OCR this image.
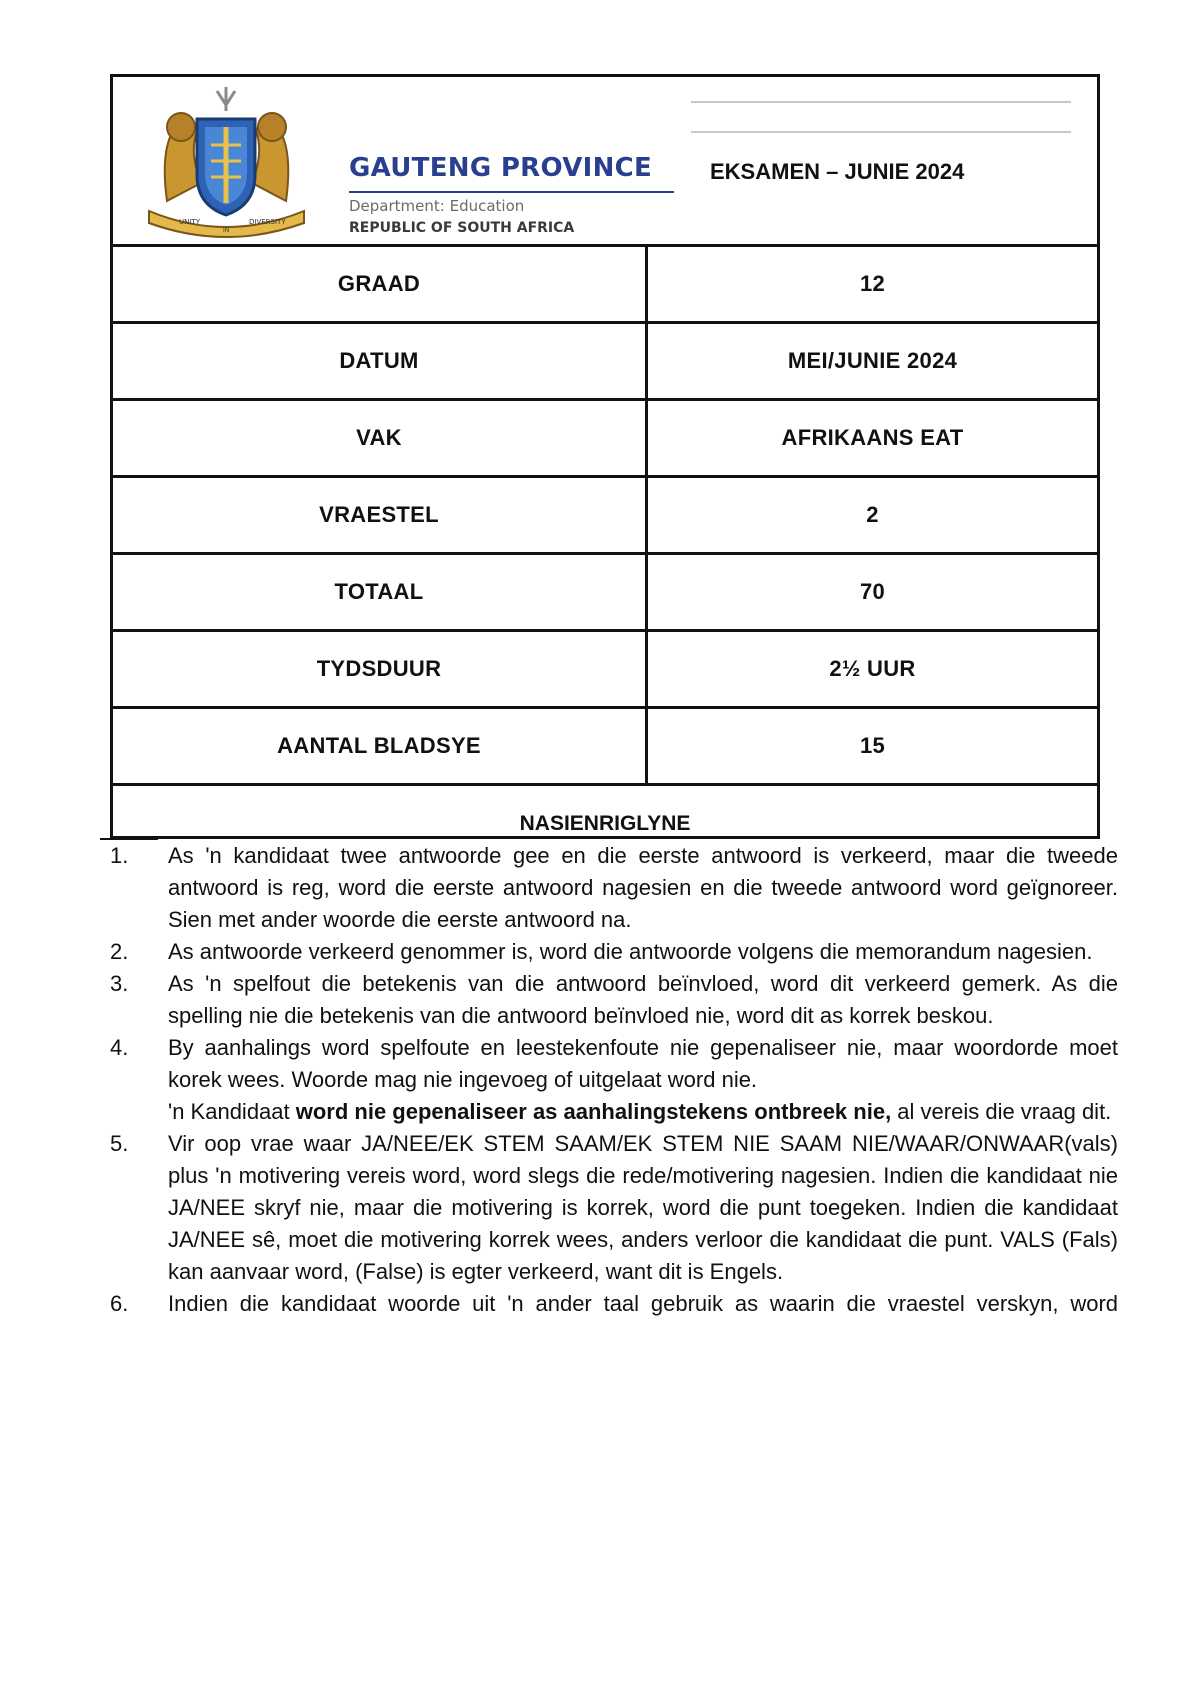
UNITY
IN
DIVERSITY
GAUTENG PROVINCE
Department: Education
REPUBLIC OF SOUTH AFRICA
EKSAMEN – JUNIE 2024
GRAAD	12
DATUM	MEI/JUNIE 2024
VAK	AFRIKAANS EAT
VRAESTEL	2
TOTAAL	70
TYDSDUUR	2½ UUR
AANTAL BLADSYE	15
NASIENRIGLYNE
1. As 'n kandidaat twee antwoorde gee en die eerste antwoord is verkeerd, maar die tweede antwoord is reg, word die eerste antwoord nagesien en die tweede antwoord word geïgnoreer. Sien met ander woorde die eerste antwoord na.

2. As antwoorde verkeerd genommer is, word die antwoorde volgens die memorandum nagesien.

3. As 'n spelfout die betekenis van die antwoord beïnvloed, word dit verkeerd gemerk. As die spelling nie die betekenis van die antwoord beïnvloed nie, word dit as korrek beskou.

4. By aanhalings word spelfoute en leestekenfoute nie gepenaliseer nie, maar woordorde moet korek wees. Woorde mag nie ingevoeg of uitgelaat word nie.

'n Kandidaat word nie gepenaliseer as aanhalingstekens ontbreek nie, al vereis die vraag dit.

5. Vir oop vrae waar JA/NEE/EK STEM SAAM/EK STEM NIE SAAM NIE/WAAR/ONWAAR(vals) plus 'n motivering vereis word, word slegs die rede/motivering nagesien. Indien die kandidaat nie JA/NEE skryf nie, maar die motivering is korrek, word die punt toegeken. Indien die kandidaat JA/NEE sê, moet die motivering korrek wees, anders verloor die kandidaat die punt. VALS (Fals) kan aanvaar word, (False) is egter verkeerd, want dit is Engels.

6. Indien die kandidaat woorde uit 'n ander taal gebruik as waarin die vraestel verskyn, word
